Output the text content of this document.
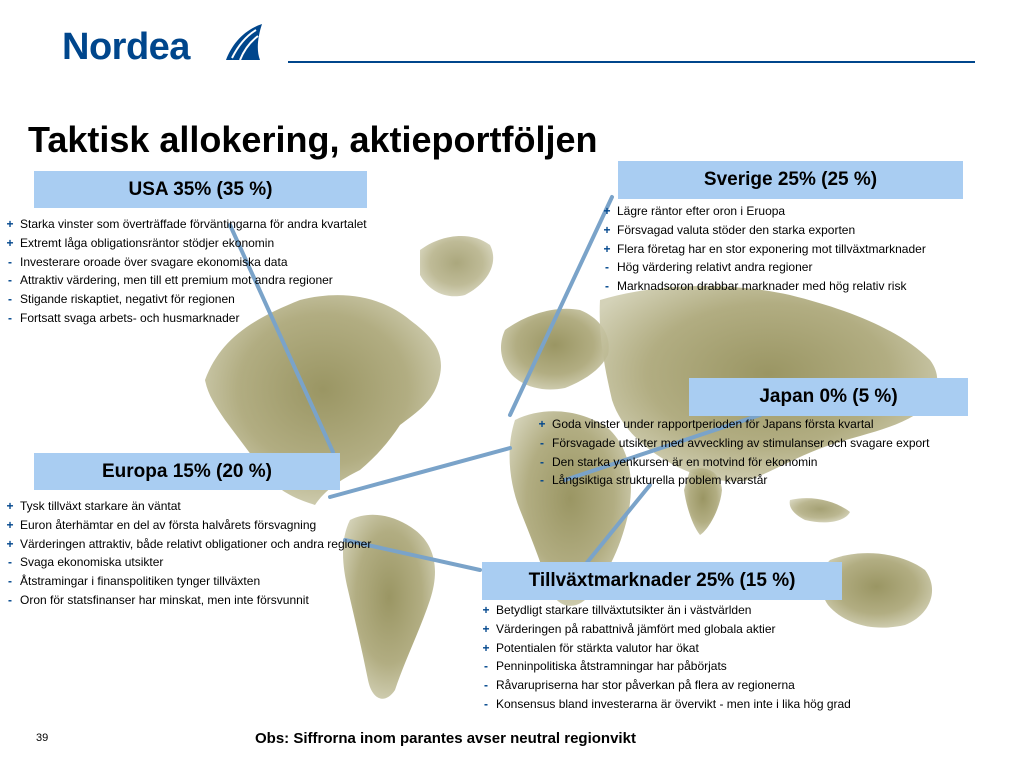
Nordea
Taktisk allokering, aktieportföljen
USA 35% (35 %)
+ Starka vinster som överträffade förväntingarna för andra kvartalet
+ Extremt låga obligationsräntor stödjer ekonomin
- Investerare oroade över svagare ekonomiska data
- Attraktiv värdering, men till ett premium mot andra regioner
- Stigande riskaptiet, negativt för regionen
- Fortsatt svaga arbets- och husmarknader
Sverige 25% (25 %)
+ Lägre räntor efter oron i Eruopa
+ Försvagad valuta stöder den starka exporten
+ Flera företag har en stor exponering mot tillväxtmarknader
- Hög värdering relativt andra regioner
- Marknadsoron drabbar marknader med hög relativ risk
Japan 0% (5 %)
+ Goda vinster under rapportperioden för Japans första kvartal
- Försvagade utsikter med avveckling av stimulanser och svagare export
- Den starka yenkursen är en motvind för ekonomin
- Långsiktiga strukturella problem kvarstår
Europa 15% (20 %)
+ Tysk tillväxt starkare än väntat
+ Euron återhämtar en del av första halvårets försvagning
+ Värderingen attraktiv, både relativt obligationer och andra regioner
- Svaga ekonomiska utsikter
- Åtstramingar i finanspolitiken tynger tillväxten
- Oron för statsfinanser har minskat, men inte försvunnit
Tillväxtmarknader 25% (15 %)
+ Betydligt starkare tillväxtutsikter än i västvärlden
+ Värderingen på rabattnivå jämfört med globala aktier
+ Potentialen för stärkta valutor har ökat
- Penninpolitiska åtstramningar har påbörjats
- Råvarupriserna har stor påverkan på flera av regionerna
- Konsensus bland investerarna är övervikt - men inte i lika hög grad
39	Obs: Siffrorna inom parantes avser neutral regionvikt
